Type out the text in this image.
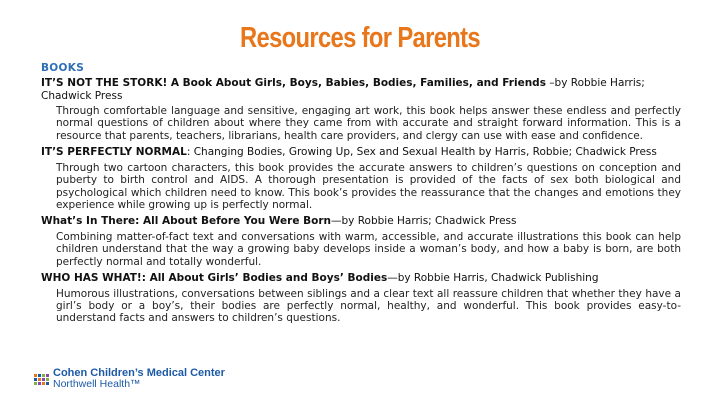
Resources for Parents
BOOKS
IT’S NOT THE STORK! A Book About Girls, Boys, Babies, Bodies, Families, and Friends –by Robbie Harris; Chadwick Press
Through comfortable language and sensitive, engaging art work, this book helps answer these endless and perfectly normal questions of children about where they came from with accurate and straight forward information. This is a resource that parents, teachers, librarians, health care providers, and clergy can use with ease and confidence.
IT’S PERFECTLY NORMAL: Changing Bodies, Growing Up, Sex and Sexual Health by Harris, Robbie; Chadwick Press
Through two cartoon characters, this book provides the accurate answers to children’s questions on conception and puberty to birth control and AIDS. A thorough presentation is provided of the facts of sex both biological and psychological which children need to know. This book’s provides the reassurance that the changes and emotions they experience while growing up is perfectly normal.
What’s In There: All About Before You Were Born—by Robbie Harris; Chadwick Press
Combining matter-of-fact text and conversations with warm, accessible, and accurate illustrations this book can help children understand that the way a growing baby develops inside a woman’s body, and how a baby is born, are both perfectly normal and totally wonderful.
WHO HAS WHAT!: All About Girls’ Bodies and Boys’ Bodies—by Robbie Harris, Chadwick Publishing
Humorous illustrations, conversations between siblings and a clear text all reassure children that whether they have a girl’s body or a boy’s, their bodies are perfectly normal, healthy, and wonderful. This book provides easy-to-understand facts and answers to children’s questions.
Cohen Children’s Medical Center
Northwell Health™
